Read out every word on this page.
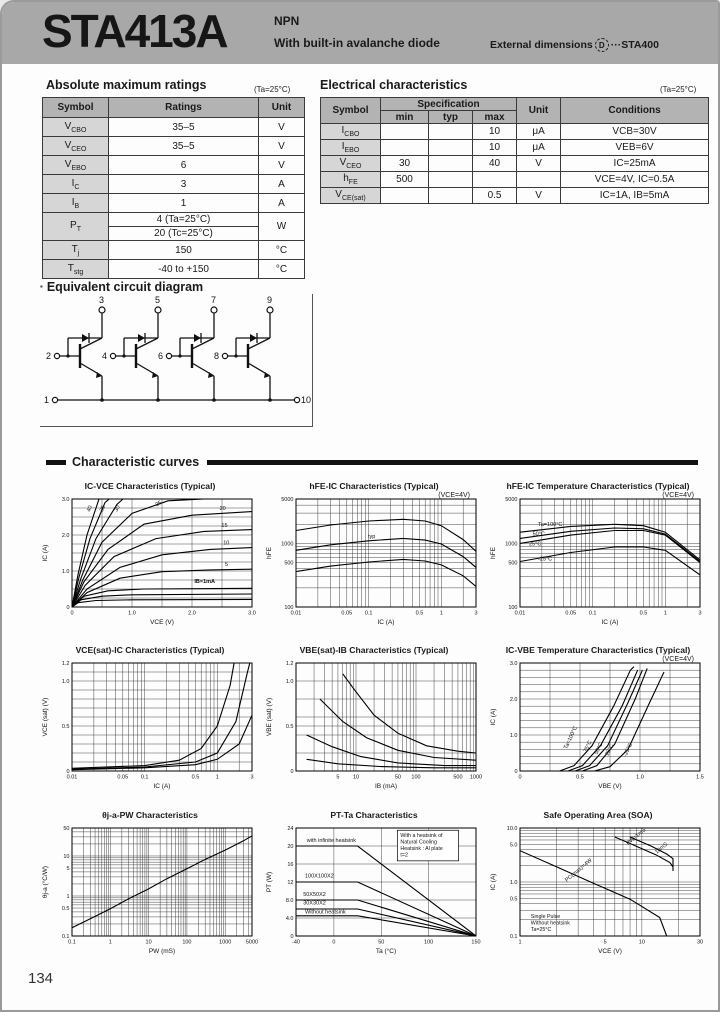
STA413A	NPN
With built-in avalanche diode	External dimensions D ···STA400
Absolute maximum ratings	(Ta=25°C)
Symbol	Ratings	Unit
$V_{CBO}$	35–5	V
$V_{CEO}$	35–5	V
$V_{EBO}$	6	V
$I_C$	3	A
$I_B$	1	A
$P_T$	4 (Ta=25°C)	W
	20 (Tc=25°C)	
$T_j$	150	°C
$T_{stg}$	-40 to +150	°C
Electrical characteristics	(Ta=25°C)
Symbol	Specification			Unit	Conditions
	min	typ	max		
$I_{CBO}$			10	μA	VCB=30V
$I_{EBO}$			10	μA	VEB=6V
$V_{CEO}$	30		40	V	IC=25mA
$h_{FE}$	500				VCE=4V, IC=0.5A
$V_{CE(sat)}$			0.5	V	IC=1A, IB=5mA
▪ Equivalent circuit diagram
1
2
3
4
5
6
7
8
9
10
Characteristic curves
IC-VCE Characteristics (Typical)
0	1.0	2.0	3.0
0
1.0
2.0
3.0
VCE (V)
IC (A)
40 35 30
25
20
15
10
5
IB=1mA
hFE-IC Characteristics (Typical)
(VCE=4V)
0.01	0.05 0.1	0.5	1	3
100
500
1000
5000
IC (A)
hFE
typ
hFE-IC Temperature Characteristics (Typical)
(VCE=4V)
0.01	0.05 0.1	0.5	1	3
100
500
1000
5000
IC (A)
hFE
Ta=100°C
50°C
25°C
-25°C
VCE(sat)-IC Characteristics (Typical)
0.01	0.05 0.1	0.5	1	3
0
0.5
1.0
1.2
IC (A)
VCE (sat) (V)
VBE(sat)-IB Characteristics (Typical)
5 10	50 100	500 1000
0
0.5
1.0
1.2
IB (mA)
VBE (sat) (V)
IC-VBE Temperature Characteristics (Typical)
(VCE=4V)
0	0.5	1.0	1.5
0
1.0
2.0
3.0
VBE (V)
IC (A)
Ta=100°C 75°C 50°C 25°C -25°C
θj-a-PW Characteristics
0.1	1	10	100	1000	5000
0.1
0.5
1
5
10
50
PW (mS)
θj-a (°C/W)
PT-Ta Characteristics
-40	0	50	100	150
0
4.0
8.0
12
16
20
24
Ta (°C)
PT (W)
with infinite heatsink
100X100X2
50X50X2
30X30X2
Without heatsink
With a heatsink of
Natural Cooling
Heatsink : Al plate
t=2
Safe Operating Area (SOA)
1	5	10	30
0.1
0.5
1.0
5.0
10.0
VCE (V)
IC (A)
PW=1mS
10mS
PC(max)=4W
Single Pulse
Without heatsink
Ta=25°C
134
